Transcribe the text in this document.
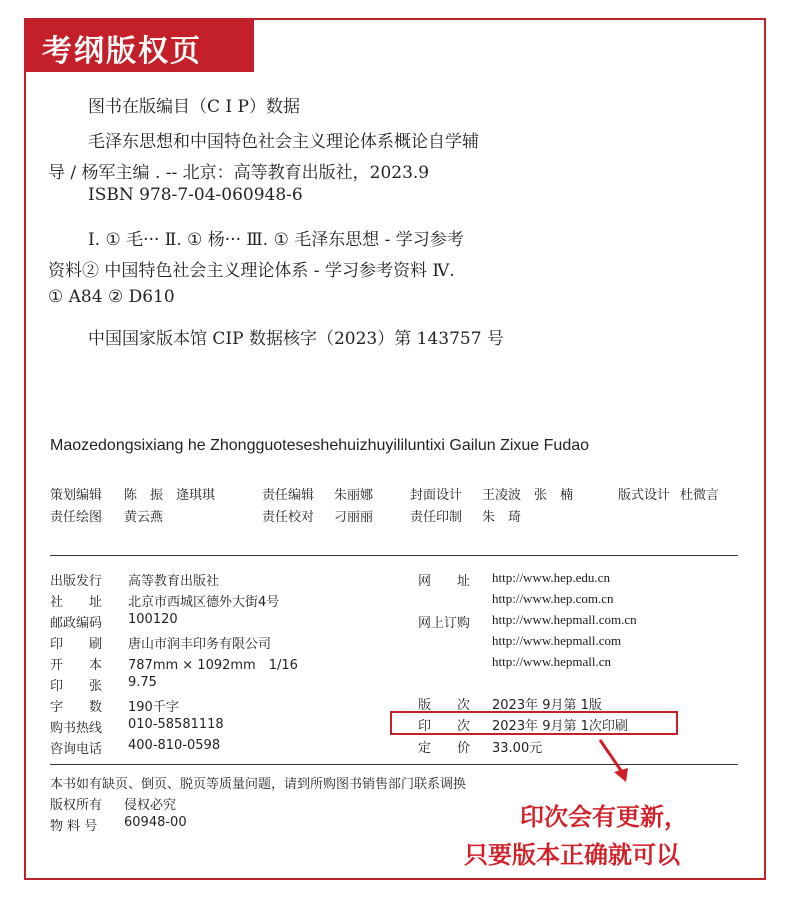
考纲版权页
图书在版编目（C I P）数据
毛泽东思想和中国特色社会主义理论体系概论自学辅
导 / 杨军主编 . -- 北京：高等教育出版社，2023.9
ISBN 978-7-04-060948-6
Ⅰ. ① 毛··· Ⅱ. ① 杨··· Ⅲ. ① 毛泽东思想 - 学习参考
资料② 中国特色社会主义理论体系 - 学习参考资料 Ⅳ.
① A84 ② D610
中国国家版本馆 CIP 数据核字（2023）第 143757 号
Maozedongsixiang he Zhongguoteseshehuizhuyililuntixi Gailun Zixue Fudao
策划编辑 陈　振　逄琪琪	责任编辑 朱丽娜	封面设计 王凌波　张　楠	版式设计 杜微言
责任绘图 黄云燕	责任校对 刁丽丽	责任印制 朱　琦
出版发行 高等教育出版社
社　　址 北京市西城区德外大街4号
邮政编码 100120
印　　刷 唐山市润丰印务有限公司
开　　本 787mm × 1092mm　1/16
印　　张 9.75
字　　数 190千字
购书热线 010-58581118
咨询电话 400-810-0598
网　　址 http://www.hep.edu.cn
http://www.hep.com.cn
网上订购 http://www.hepmall.com.cn
http://www.hepmall.com
http://www.hepmall.cn
版　　次 2023年 9月第 1版
印　　次 2023年 9月第 1次印刷
定　　价 33.00元
本书如有缺页、倒页、脱页等质量问题，请到所购图书销售部门联系调换
版权所有 侵权必究
物 料 号 60948-00	印次会有更新，
只要版本正确就可以
